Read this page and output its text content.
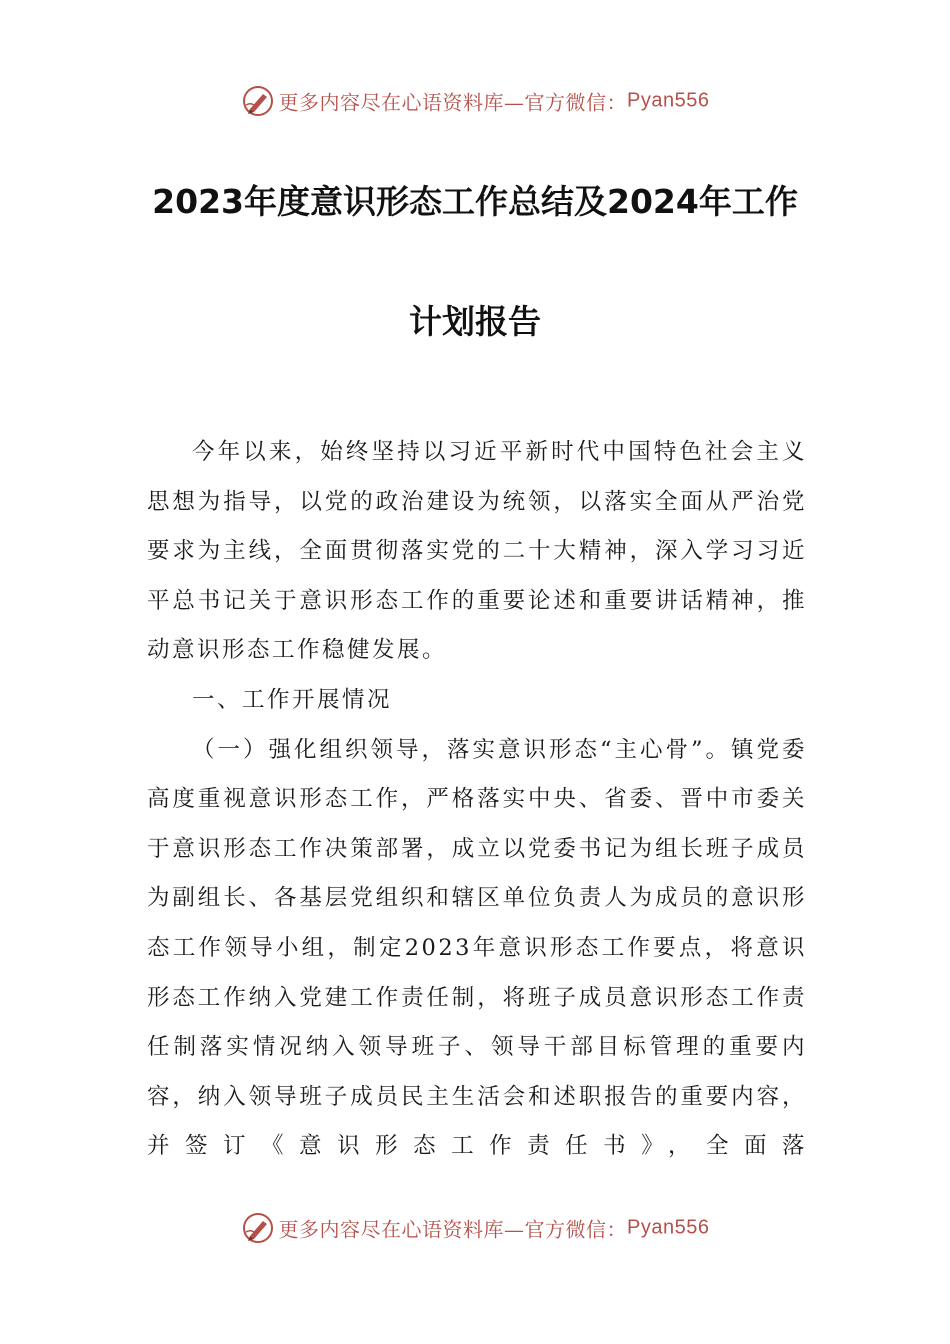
更多内容尽在心语资料库—官方微信：Pyan556
2023年度意识形态工作总结及2024年工作
计划报告

今年以来，始终坚持以习近平新时代中国特色社会主义思想为指导，以党的政治建设为统领，以落实全面从严治党要求为主线，全面贯彻落实党的二十大精神，深入学习习近平总书记关于意识形态工作的重要论述和重要讲话精神，推动意识形态工作稳健发展。

一、工作开展情况

（一）强化组织领导，落实意识形态“主心骨”。镇党委高度重视意识形态工作，严格落实中央、省委、晋中市委关于意识形态工作决策部署，成立以党委书记为组长班子成员为副组长、各基层党组织和辖区单位负责人为成员的意识形态工作领导小组，制定2023年意识形态工作要点，将意识形态工作纳入党建工作责任制，将班子成员意识形态工作责任制落实情况纳入领导班子、领导干部目标管理的重要内容，纳入领导班子成员民主生活会和述职报告的重要内容，并签订《意识形态工作责任书》，全面落

更多内容尽在心语资料库—官方微信：Pyan556
